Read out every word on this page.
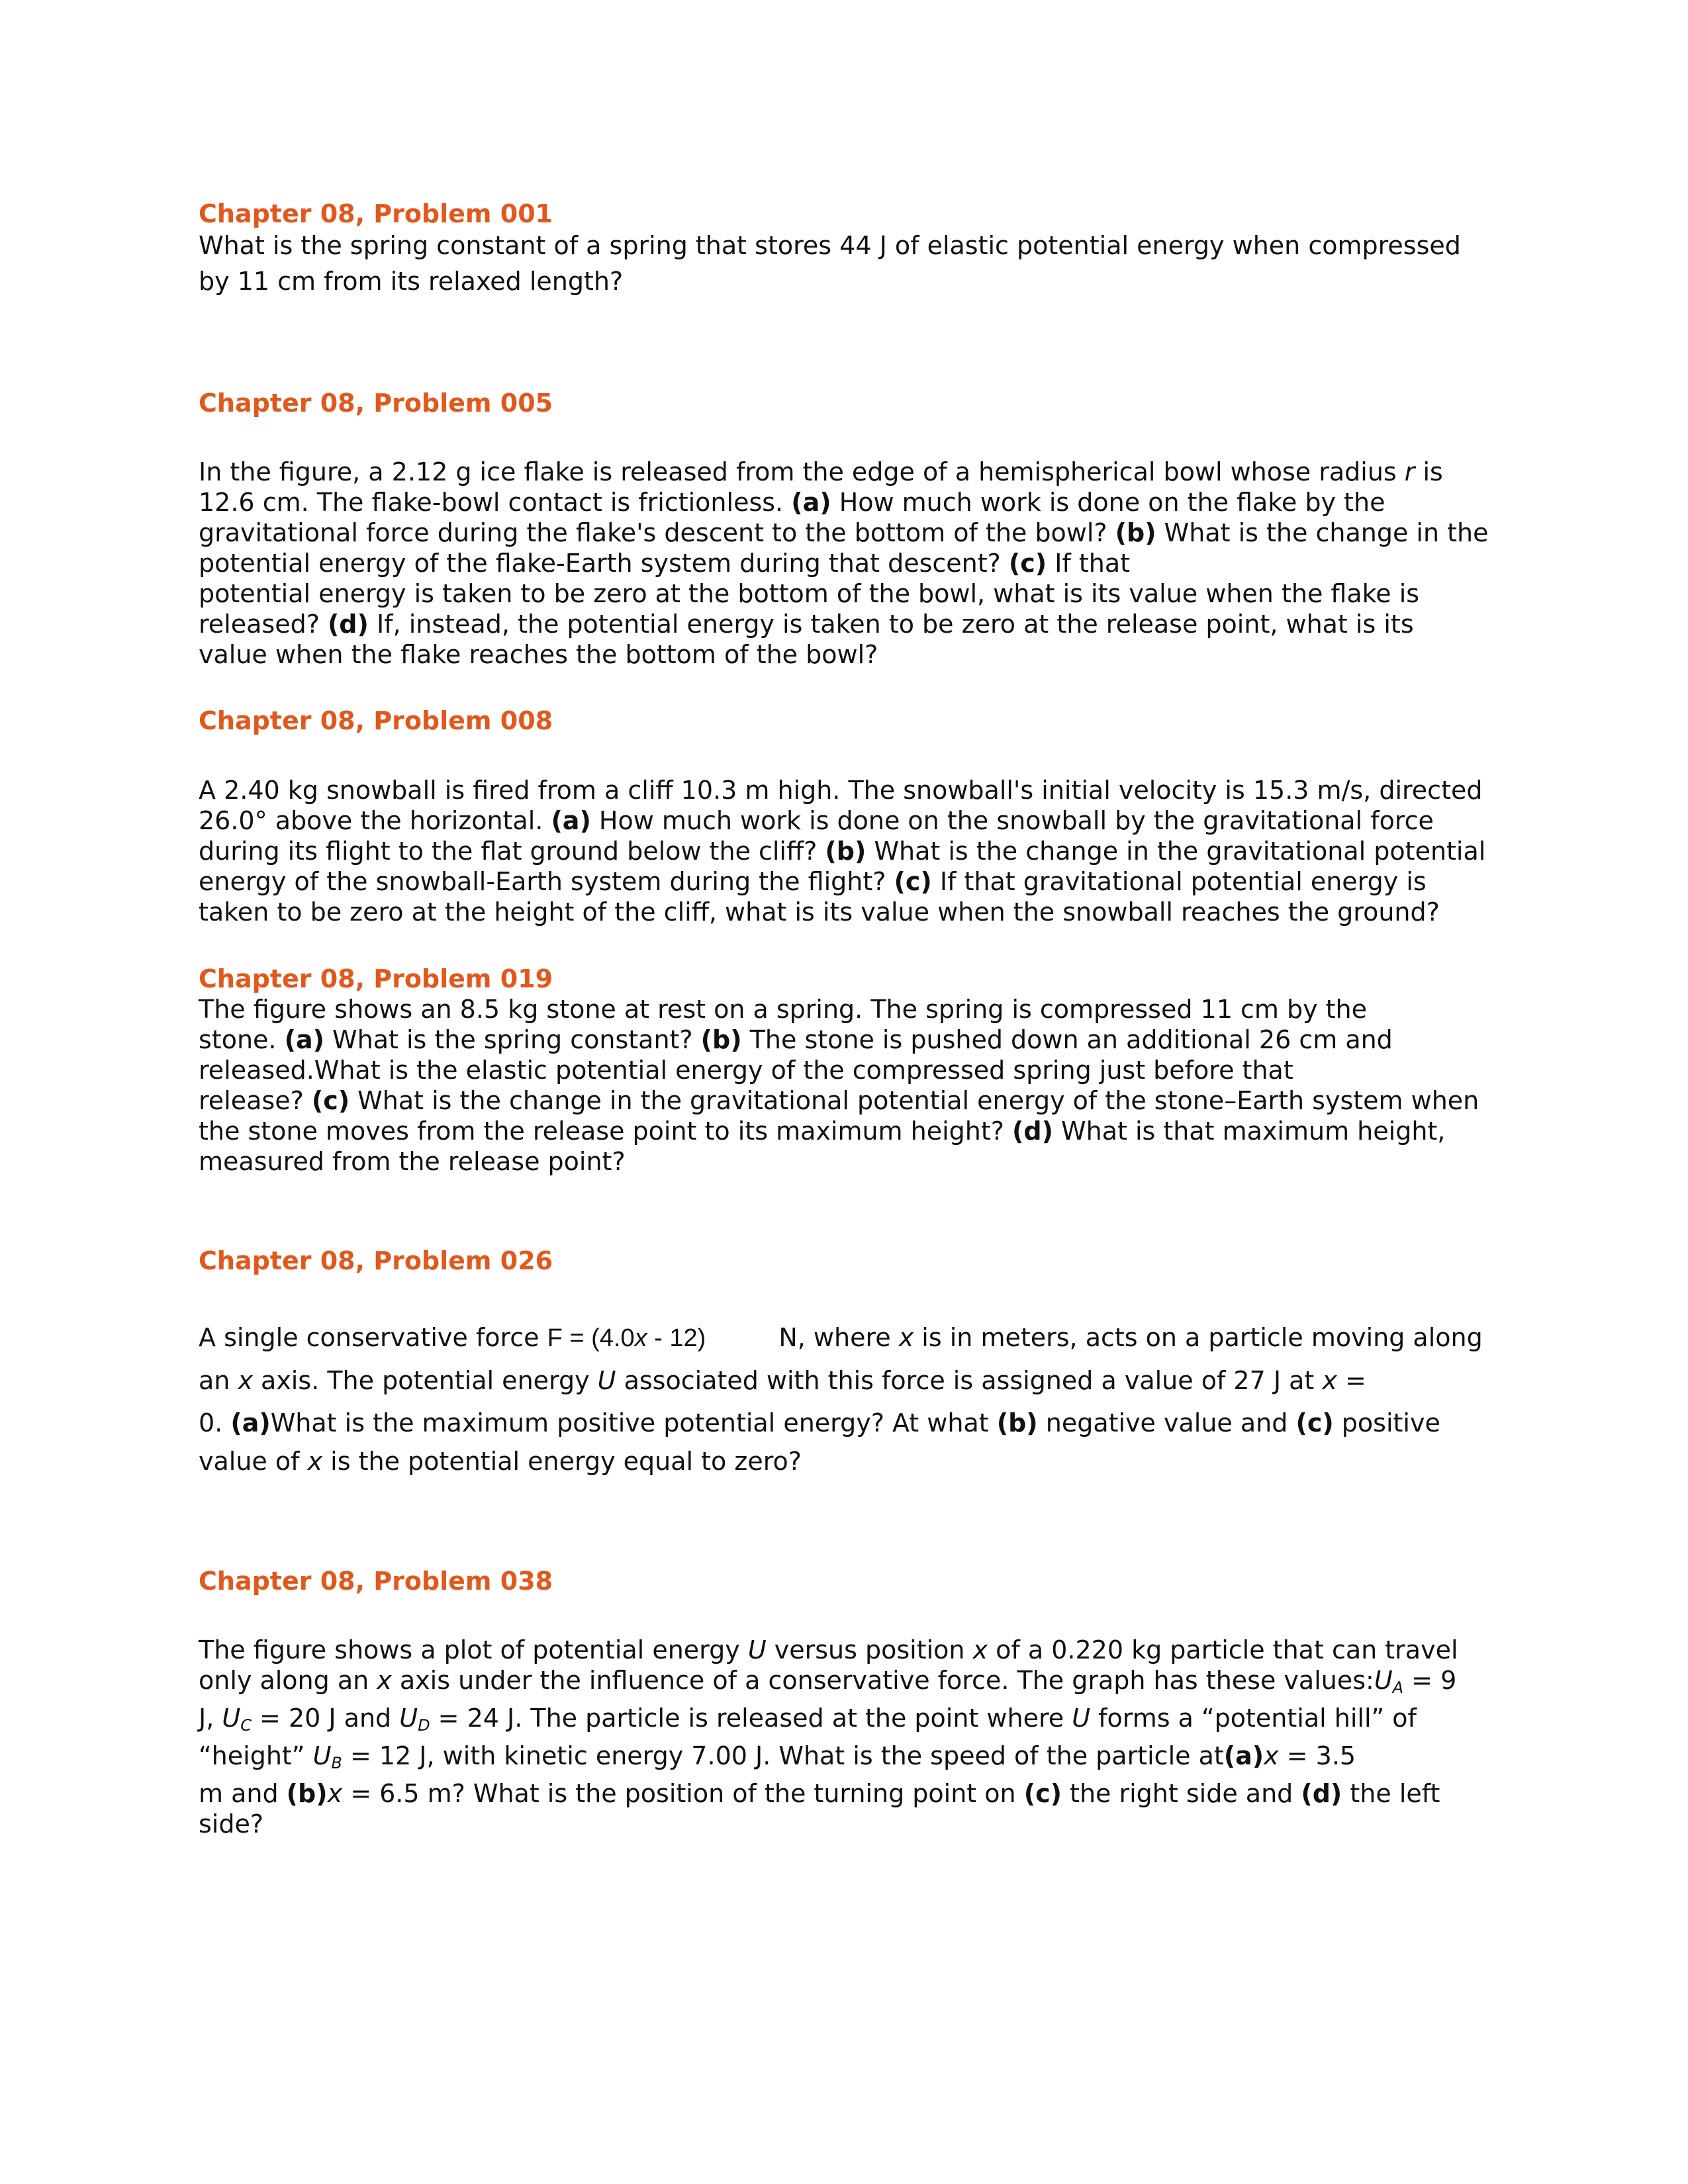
Chapter 08, Problem 001
What is the spring constant of a spring that stores 44 J of elastic potential energy when compressed
by 11 cm from its relaxed length?
Chapter 08, Problem 005
In the figure, a 2.12 g ice flake is released from the edge of a hemispherical bowl whose radius r is
12.6 cm. The flake-bowl contact is frictionless. (a) How much work is done on the flake by the
gravitational force during the flake's descent to the bottom of the bowl? (b) What is the change in the
potential energy of the flake-Earth system during that descent? (c) If that
potential energy is taken to be zero at the bottom of the bowl, what is its value when the flake is
released? (d) If, instead, the potential energy is taken to be zero at the release point, what is its
value when the flake reaches the bottom of the bowl?
Chapter 08, Problem 008
A 2.40 kg snowball is fired from a cliff 10.3 m high. The snowball's initial velocity is 15.3 m/s, directed
26.0° above the horizontal. (a) How much work is done on the snowball by the gravitational force
during its flight to the flat ground below the cliff? (b) What is the change in the gravitational potential
energy of the snowball-Earth system during the flight? (c) If that gravitational potential energy is
taken to be zero at the height of the cliff, what is its value when the snowball reaches the ground?
Chapter 08, Problem 019
The figure shows an 8.5 kg stone at rest on a spring. The spring is compressed 11 cm by the
stone. (a) What is the spring constant? (b) The stone is pushed down an additional 26 cm and
released.What is the elastic potential energy of the compressed spring just before that
release? (c) What is the change in the gravitational potential energy of the stone–Earth system when
the stone moves from the release point to its maximum height? (d) What is that maximum height,
measured from the release point?
Chapter 08, Problem 026
A single conservative force F = (4.0x - 12)	N, where x is in meters, acts on a particle moving along
an x axis. The potential energy U associated with this force is assigned a value of 27 J at x =
0. (a)What is the maximum positive potential energy? At what (b) negative value and (c) positive
value of x is the potential energy equal to zero?
Chapter 08, Problem 038
The figure shows a plot of potential energy U versus position x of a 0.220 kg particle that can travel
only along an x axis under the influence of a conservative force. The graph has these $values:U_A = 9$
J, $U_C = 20$ J and $U_D = 24$ J. The particle is released at the point where U forms a “potential hill” of
“height” $U_B = 12$ J, with kinetic energy 7.00 J. What is the speed of the particle at(a)x = 3.5
m and (b)x = 6.5 m? What is the position of the turning point on (c) the right side and (d) the left
side?
